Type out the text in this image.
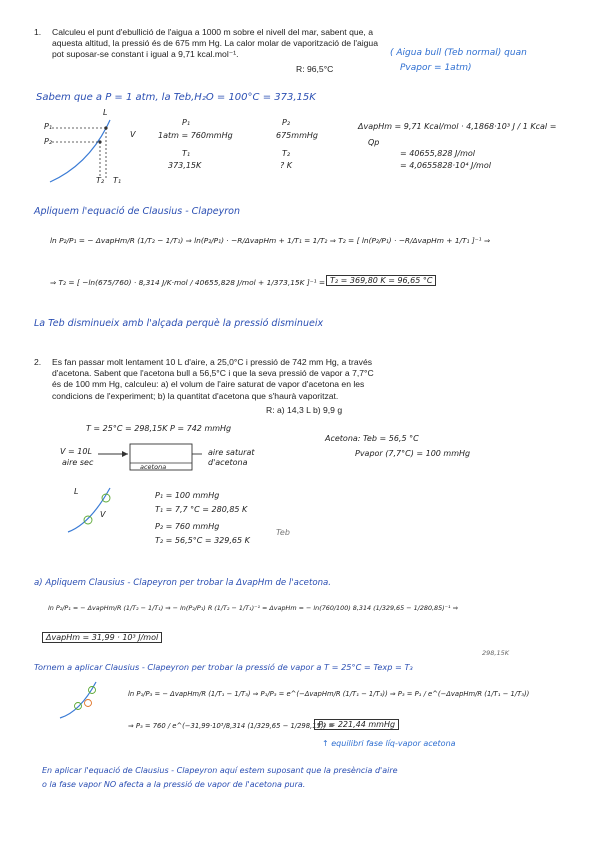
1. Calculeu el punt d'ebullició de l'aigua a 1000 m sobre el nivell del mar, sabent que, a
aquesta altitud, la pressió és de 675 mm Hg. La calor molar de vaporització de l'aigua
pot suposar-se constant i igual a 9,71 kcal.mol⁻¹.
R: 96,5°C
( Aigua bull (Teb normal) quan
Pvapor = 1atm)
Sabem que a P = 1 atm, la Teb,H₂O = 100°C = 373,15K
L
V
P₁
P₂
T₂ T₁
P₁
1atm = 760mmHg
T₁
373,15K
P₂
675mmHg
T₂
? K
ΔvapHm = 9,71 Kcal/mol · 4,1868·10³ J / 1 Kcal =
Qp
= 40655,828 J/mol
= 4,0655828·10⁴ J/mol
Apliquem l'equació de Clausius - Clapeyron
ln P₂/P₁ = − ΔvapHm/R (1/T₂ − 1/T₁) ⇒ ln(P₂/P₁) · −R/ΔvapHm + 1/T₁ = 1/T₂ ⇒ T₂ = [ ln(P₂/P₁) · −R/ΔvapHm + 1/T₁ ]⁻¹ ⇒
⇒ T₂ = [ −ln(675/760) · 8,314 J/K·mol / 40655,828 J/mol + 1/373,15K ]⁻¹ = T₂ = 369,80 K = 96,65 °C
La Teb disminueix amb l'alçada perquè la pressió disminueix
2. Es fan passar molt lentament 10 L d'aire, a 25,0°C i pressió de 742 mm Hg, a través
d'acetona. Sabent que l'acetona bull a 56,5°C i que la seva pressió de vapor a 7,7°C
és de 100 mm Hg, calculeu: a) el volum de l'aire saturat de vapor d'acetona en les
condicions de l'experiment; b) la quantitat d'acetona que s'haurà vaporitzat.
R: a) 14,3 L b) 9,9 g
T = 25°C = 298,15K P = 742 mmHg
V = 10L
aire sec	acetona
aire saturat
d'acetona
Acetona: Teb = 56,5 °C
Pvapor (7,7°C) = 100 mmHg
L
V
P₁ = 100 mmHg
T₁ = 7,7 °C = 280,85 K
P₂ = 760 mmHg
T₂ = 56,5°C = 329,65 K
Teb
a) Apliquem Clausius - Clapeyron per trobar la ΔvapHm de l'acetona.
ln P₂/P₁ = − ΔvapHm/R (1/T₂ − 1/T₁) ⇒ − ln(P₂/P₁) R (1/T₂ − 1/T₁)⁻¹ = ΔvapHm = − ln(760/100) 8,314 (1/329,65 − 1/280,85)⁻¹ ⇒
ΔvapHm = 31,99 · 10³ J/mol
298,15K
Tornem a aplicar Clausius - Clapeyron per trobar la pressió de vapor a T = 25°C = Texp = T₃
ln P₁/P₃ = − ΔvapHm/R (1/T₁ − 1/T₃) ⇒ P₁/P₃ = e^(−ΔvapHm/R (1/T₁ − 1/T₃)) ⇒ P₃ = P₁ / e^(−ΔvapHm/R (1/T₁ − 1/T₃))
⇒ P₃ = 760 / e^(−31,99·10³/8,314 (1/329,65 − 1/298,15)) =
P₃ = 221,44 mmHg
↑ equilibri fase líq-vapor acetona
En aplicar l'equació de Clausius - Clapeyron aquí estem suposant que la presència d'aire
o la fase vapor NO afecta a la pressió de vapor de l'acetona pura.
